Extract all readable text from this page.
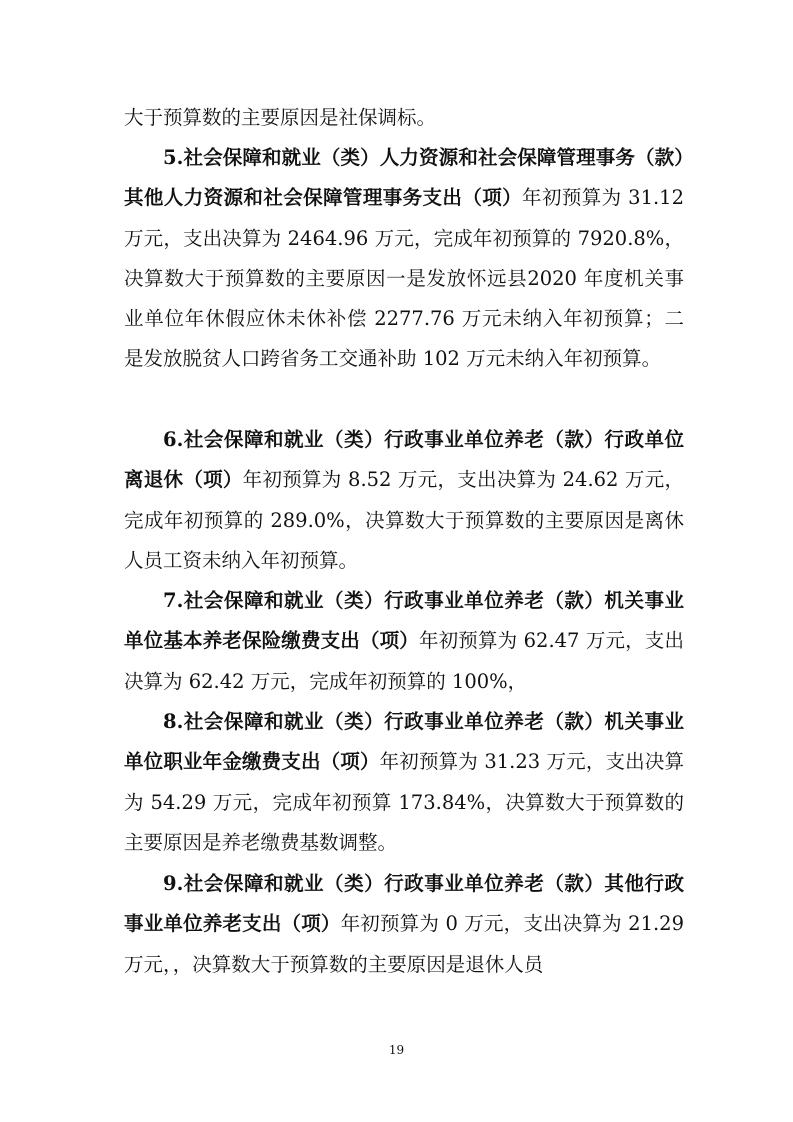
大于预算数的主要原因是社保调标。

5.社会保障和就业（类）人力资源和社会保障管理事务（款）其他人力资源和社会保障管理事务支出（项）年初预算为 31.12 万元，支出决算为 2464.96 万元，完成年初预算的 7920.8%，决算数大于预算数的主要原因一是发放怀远县2020 年度机关事业单位年休假应休未休补偿 2277.76 万元未纳入年初预算；二是发放脱贫人口跨省务工交通补助 102 万元未纳入年初预算。

6.社会保障和就业（类）行政事业单位养老（款）行政单位离退休（项）年初预算为 8.52 万元，支出决算为 24.62 万元，完成年初预算的 289.0%，决算数大于预算数的主要原因是离休人员工资未纳入年初预算。

7.社会保障和就业（类）行政事业单位养老（款）机关事业单位基本养老保险缴费支出（项）年初预算为 62.47 万元，支出决算为 62.42 万元，完成年初预算的 100%，

8.社会保障和就业（类）行政事业单位养老（款）机关事业单位职业年金缴费支出（项）年初预算为 31.23 万元，支出决算为 54.29 万元，完成年初预算 173.84%，决算数大于预算数的主要原因是养老缴费基数调整。

9.社会保障和就业（类）行政事业单位养老（款）其他行政事业单位养老支出（项）年初预算为 0 万元，支出决算为 21.29 万元，，决算数大于预算数的主要原因是退休人员

19
